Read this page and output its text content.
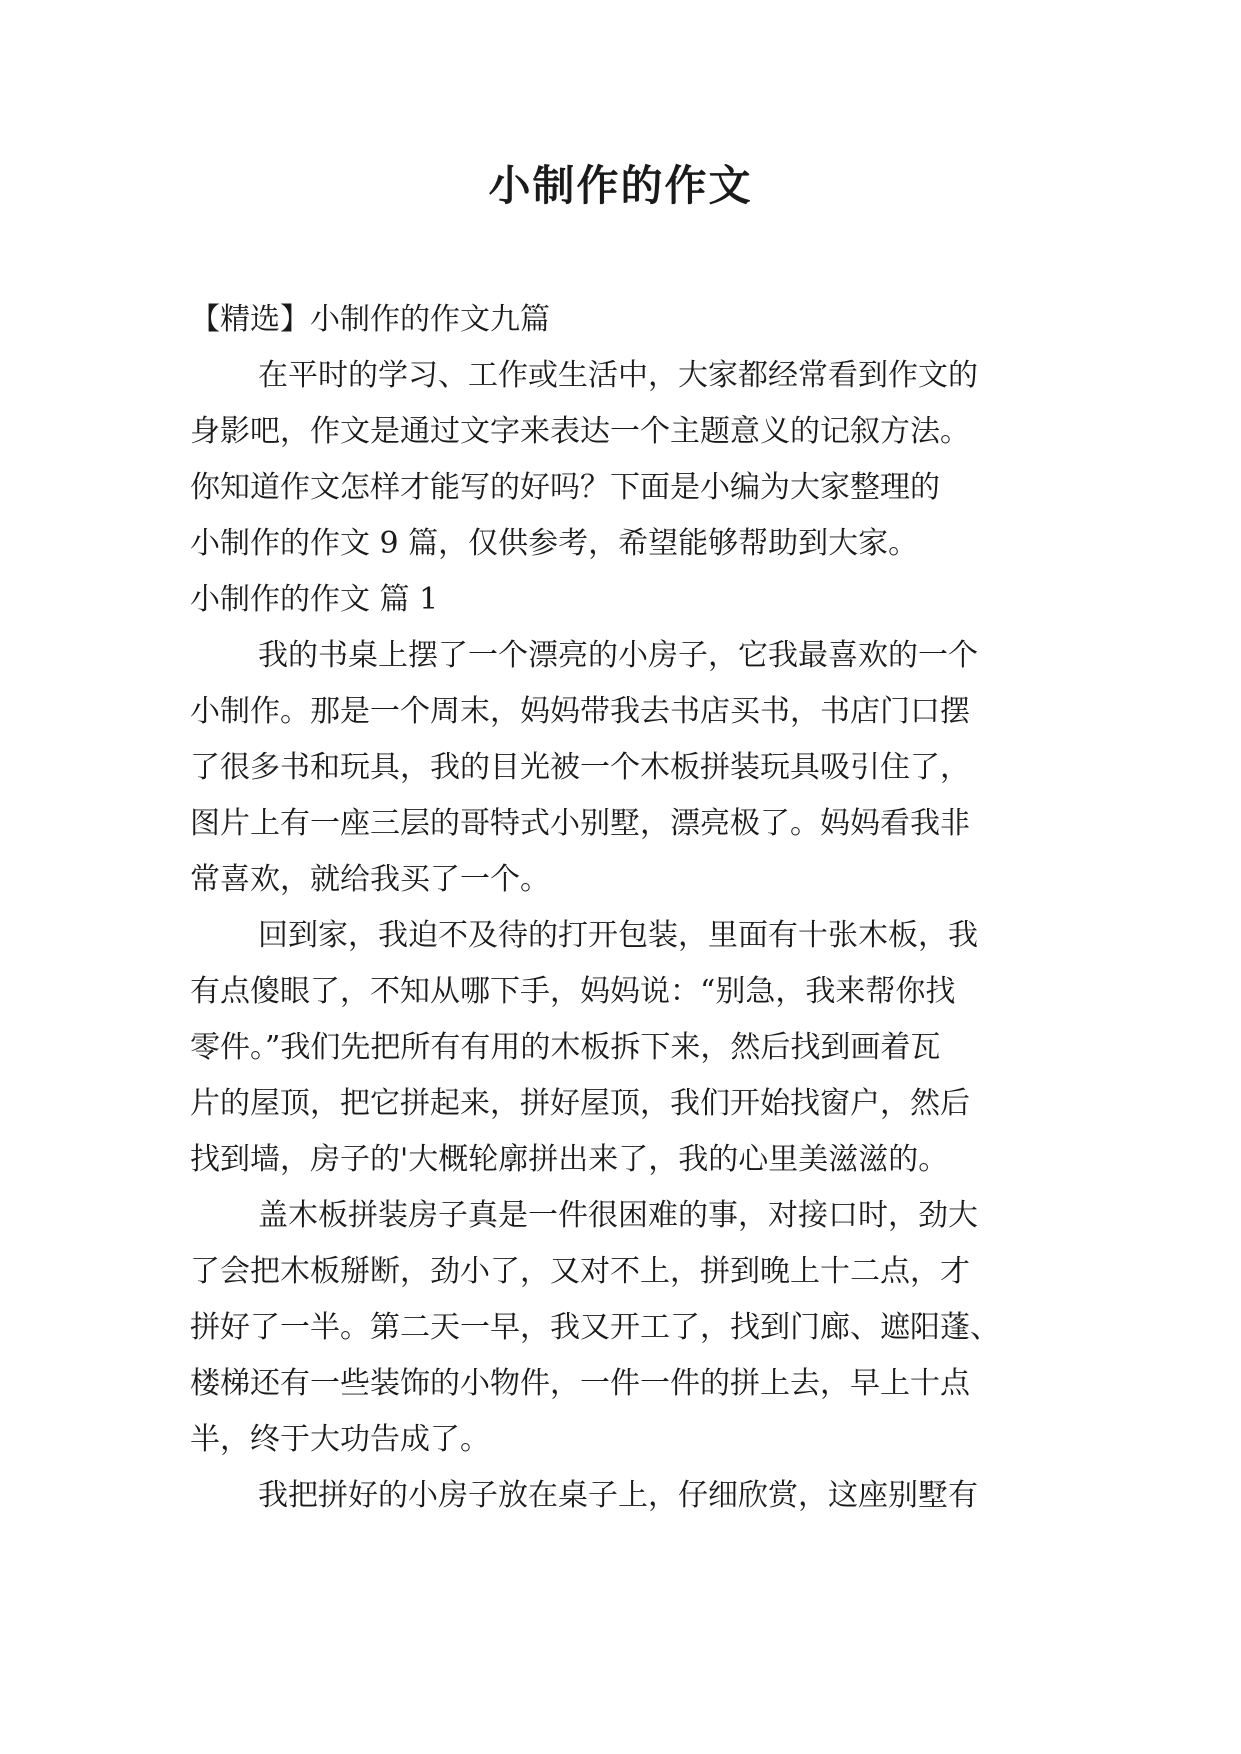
小制作的作文
【精选】小制作的作文九篇
在平时的学习、工作或生活中，大家都经常看到作文的
身影吧，作文是通过文字来表达一个主题意义的记叙方法。
你知道作文怎样才能写的好吗？下面是小编为大家整理的
小制作的作文 9 篇，仅供参考，希望能够帮助到大家。
小制作的作文 篇 1
我的书桌上摆了一个漂亮的小房子，它我最喜欢的一个
小制作。那是一个周末，妈妈带我去书店买书，书店门口摆
了很多书和玩具，我的目光被一个木板拼装玩具吸引住了，
图片上有一座三层的哥特式小别墅，漂亮极了。妈妈看我非
常喜欢，就给我买了一个。
回到家，我迫不及待的打开包装，里面有十张木板，我
有点傻眼了，不知从哪下手，妈妈说：“别急，我来帮你找
零件。”我们先把所有有用的木板拆下来，然后找到画着瓦
片的屋顶，把它拼起来，拼好屋顶，我们开始找窗户，然后
找到墙，房子的'大概轮廓拼出来了，我的心里美滋滋的。
盖木板拼装房子真是一件很困难的事，对接口时，劲大
了会把木板掰断，劲小了，又对不上，拼到晚上十二点，才
拼好了一半。第二天一早，我又开工了，找到门廊、遮阳蓬、
楼梯还有一些装饰的小物件，一件一件的拼上去，早上十点
半，终于大功告成了。
我把拼好的小房子放在桌子上，仔细欣赏，这座别墅有
